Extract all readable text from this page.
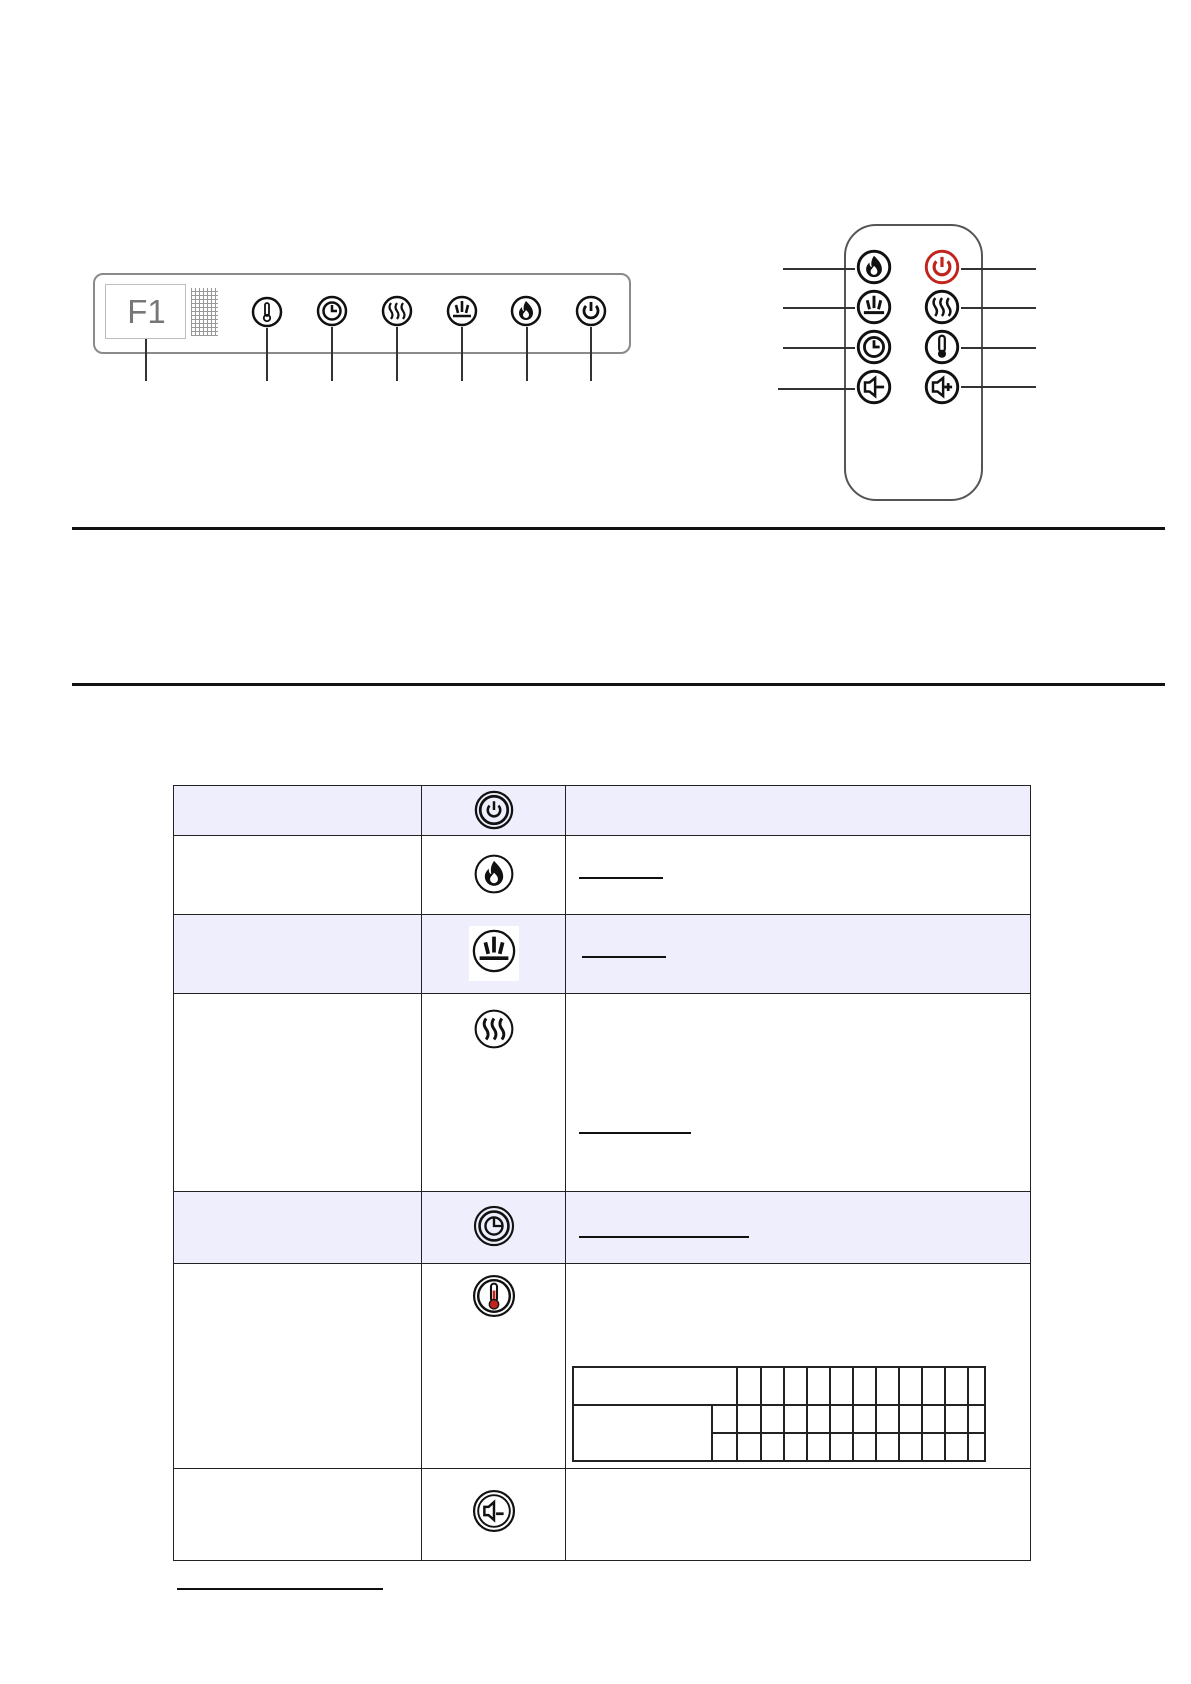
F1
